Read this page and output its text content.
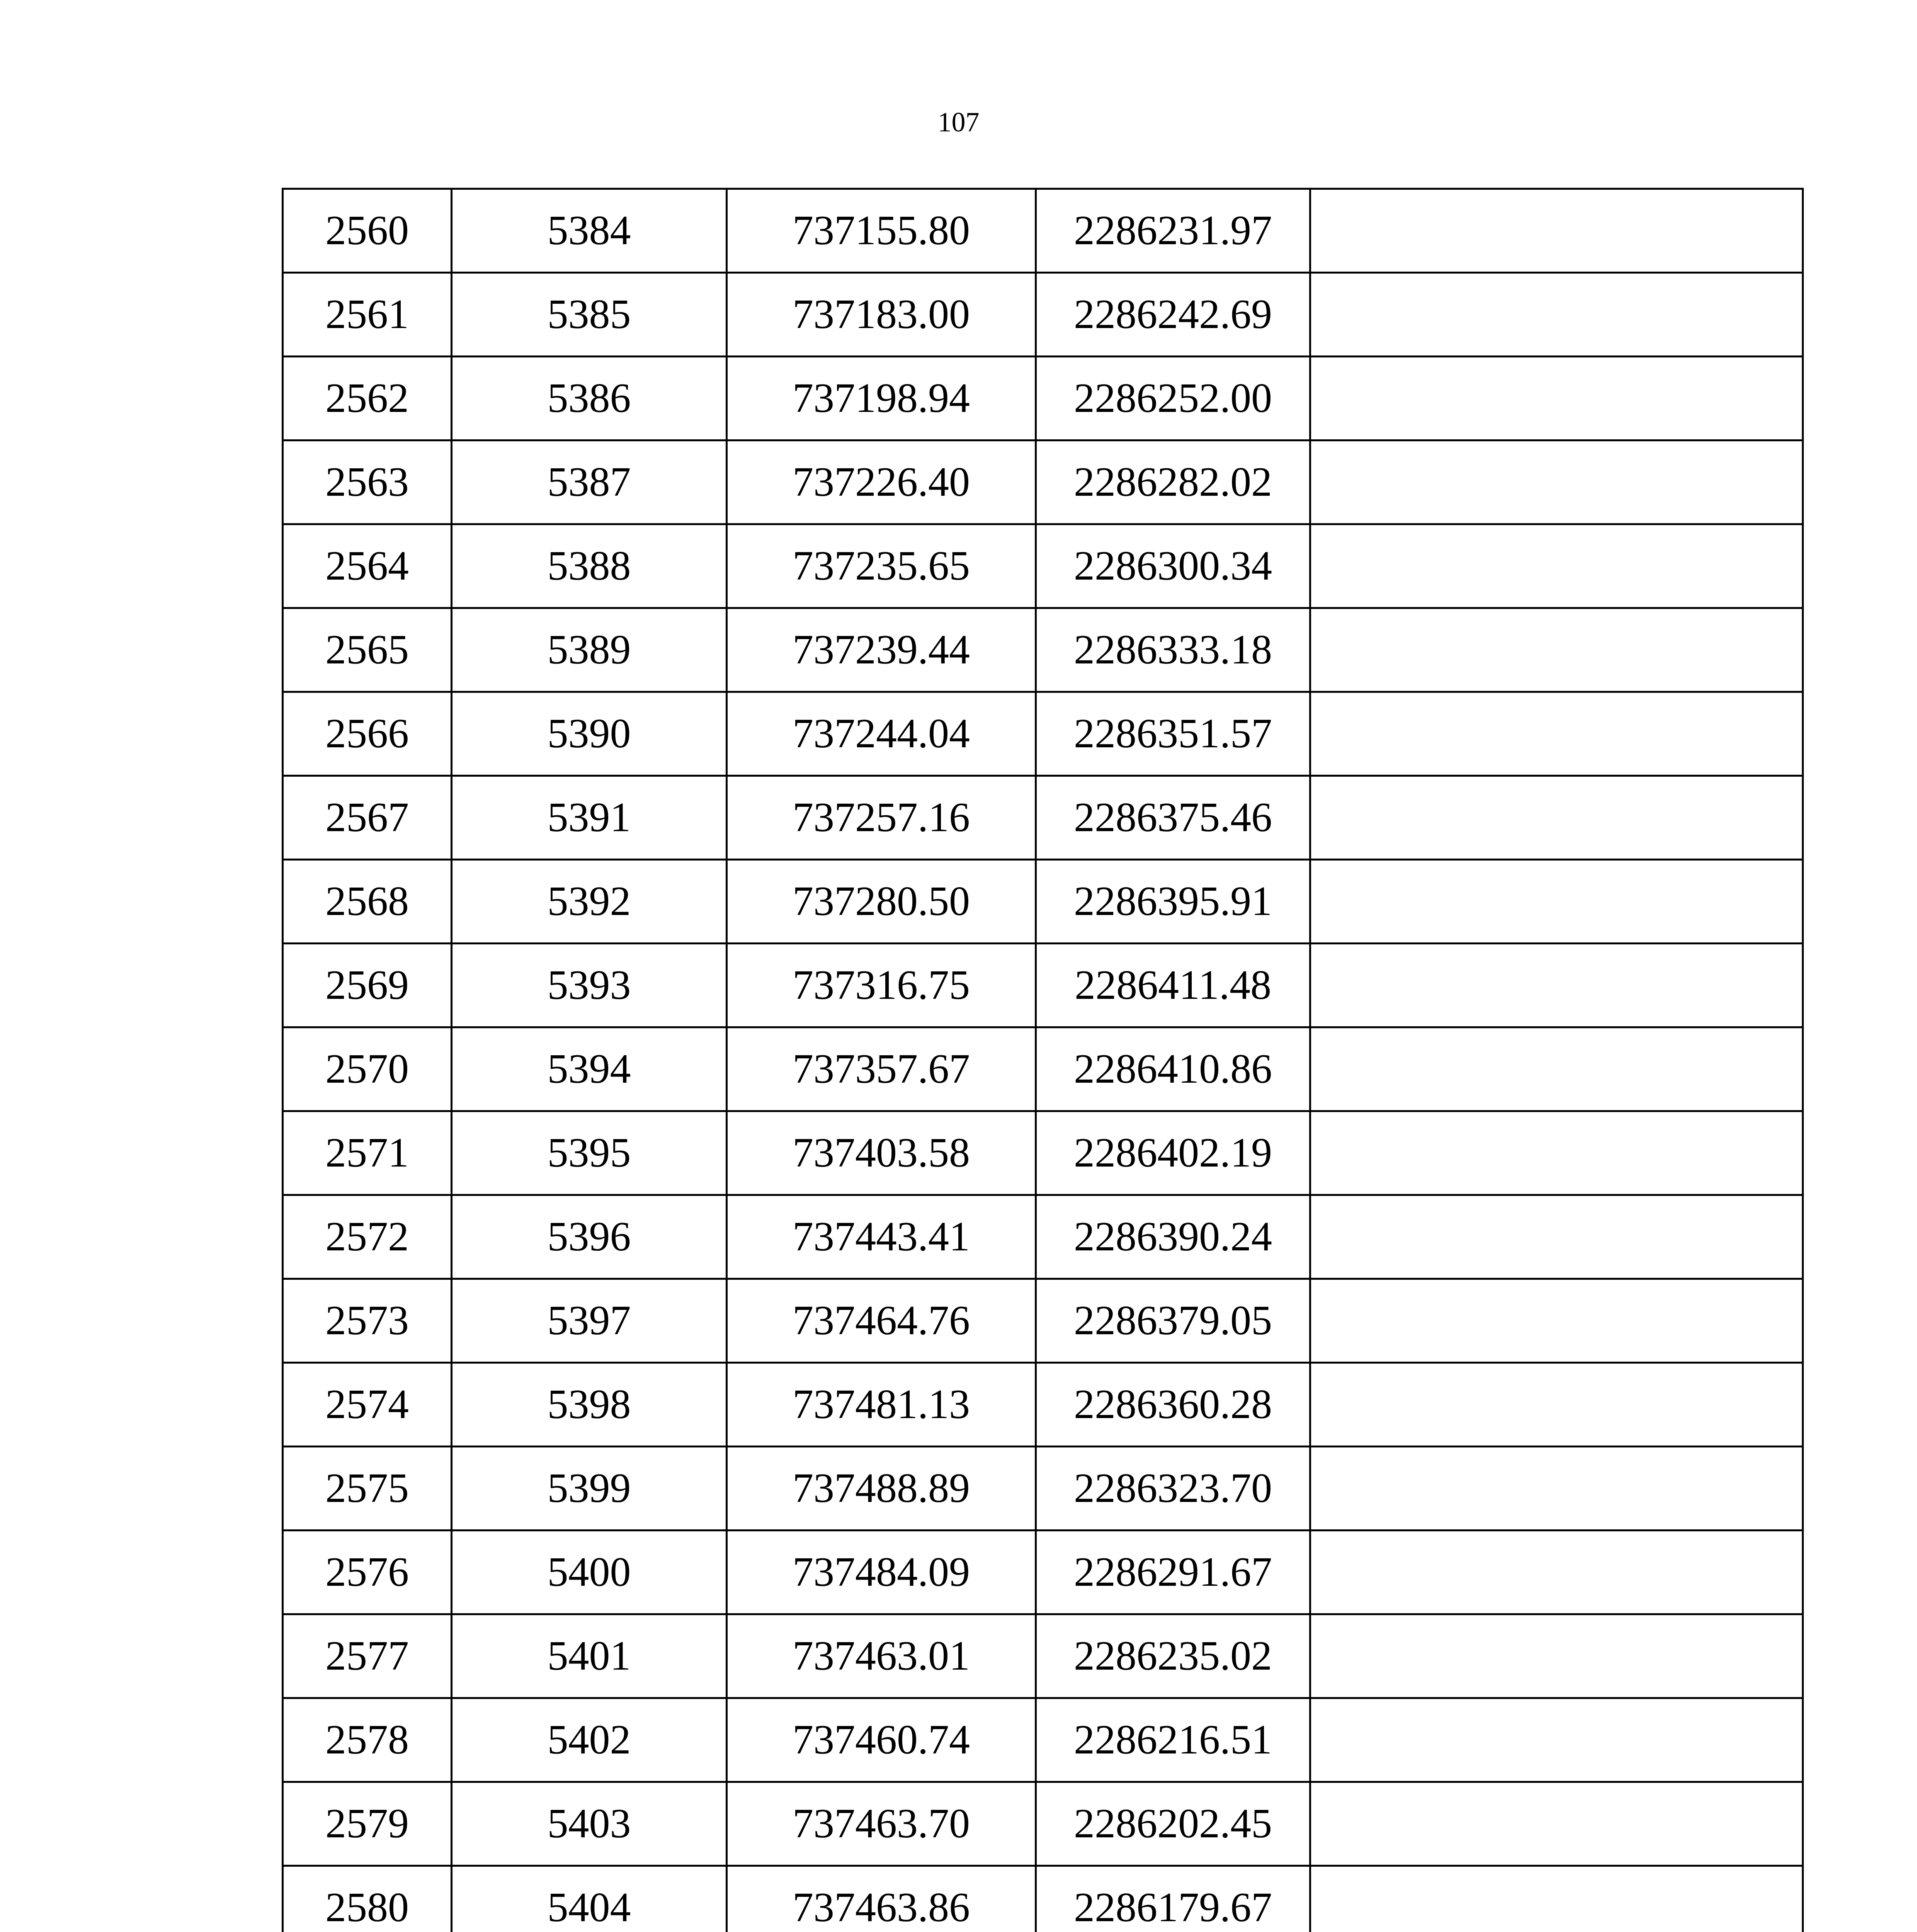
107
2560	5384	737155.80	2286231.97	
2561	5385	737183.00	2286242.69	
2562	5386	737198.94	2286252.00	
2563	5387	737226.40	2286282.02	
2564	5388	737235.65	2286300.34	
2565	5389	737239.44	2286333.18	
2566	5390	737244.04	2286351.57	
2567	5391	737257.16	2286375.46	
2568	5392	737280.50	2286395.91	
2569	5393	737316.75	2286411.48	
2570	5394	737357.67	2286410.86	
2571	5395	737403.58	2286402.19	
2572	5396	737443.41	2286390.24	
2573	5397	737464.76	2286379.05	
2574	5398	737481.13	2286360.28	
2575	5399	737488.89	2286323.70	
2576	5400	737484.09	2286291.67	
2577	5401	737463.01	2286235.02	
2578	5402	737460.74	2286216.51	
2579	5403	737463.70	2286202.45	
2580	5404	737463.86	2286179.67	
